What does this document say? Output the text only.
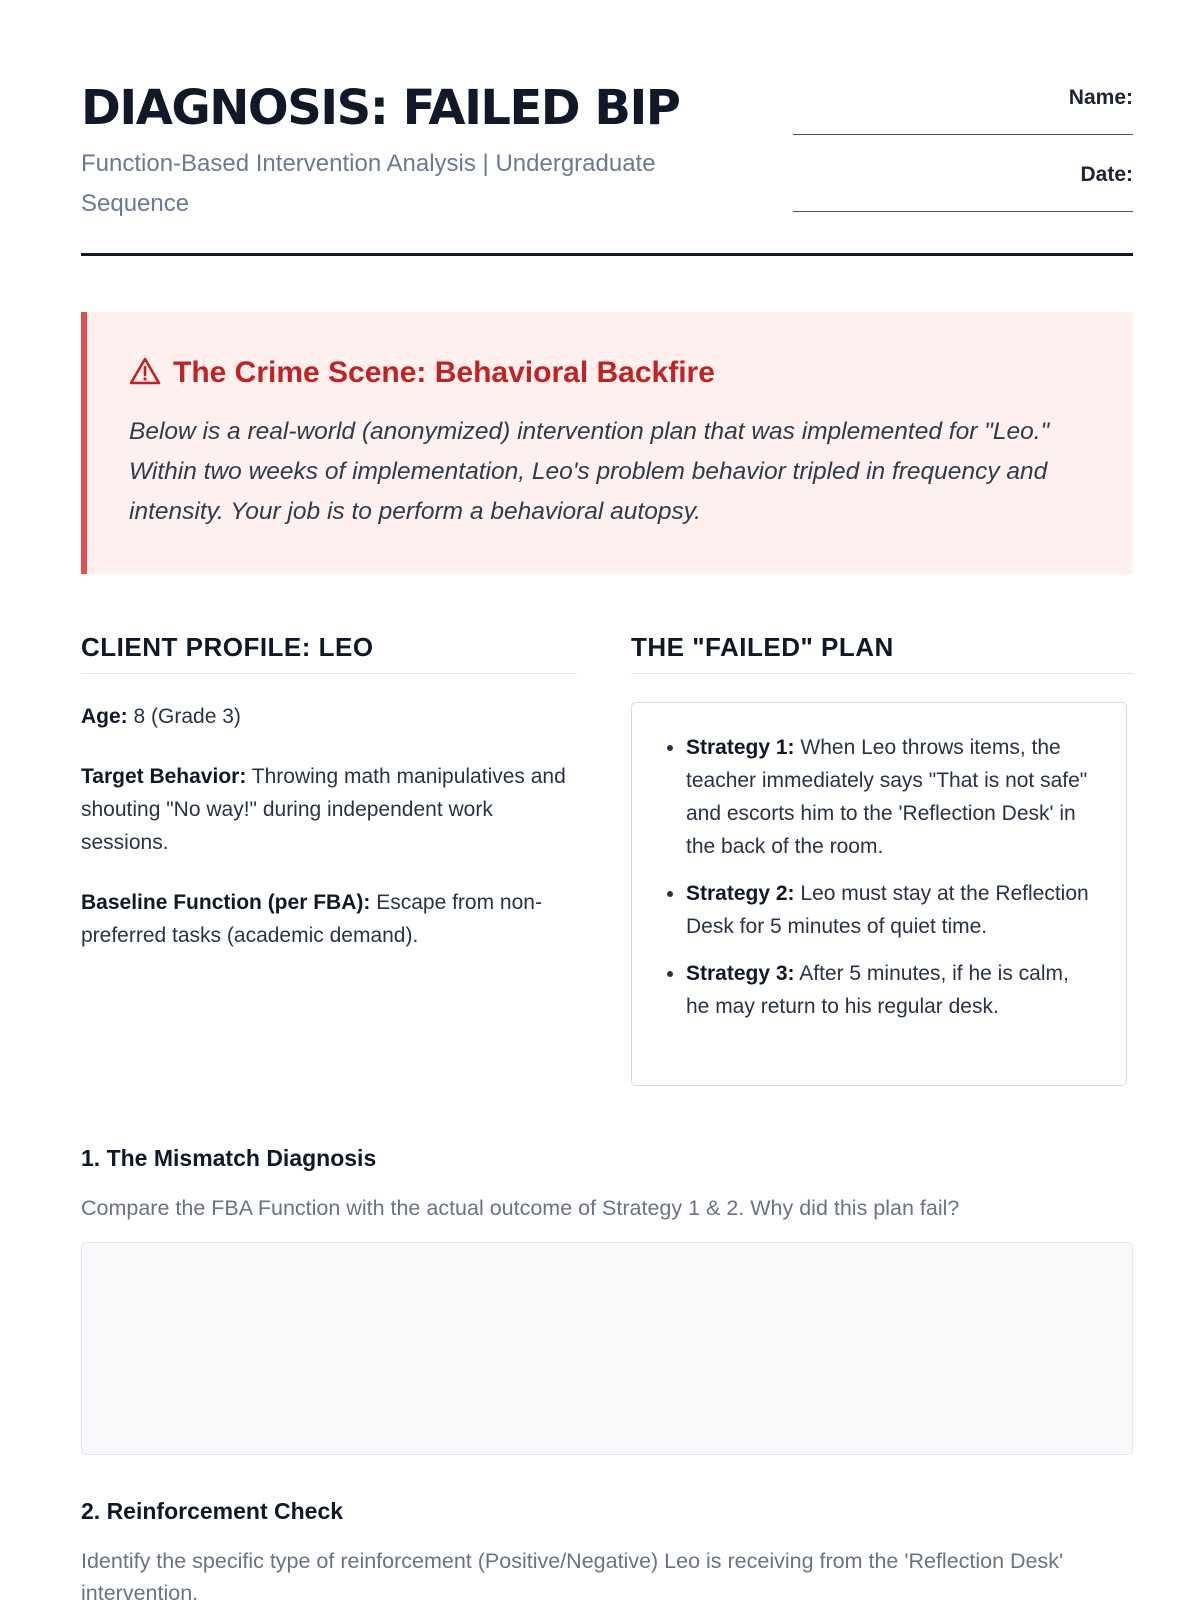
DIAGNOSIS: FAILED BIP
Function-Based Intervention Analysis | Undergraduate Sequence
Name:
Date:
The Crime Scene: Behavioral Backfire
Below is a real-world (anonymized) intervention plan that was implemented for "Leo." Within two weeks of implementation, Leo's problem behavior tripled in frequency and intensity. Your job is to perform a behavioral autopsy.
CLIENT PROFILE: LEO	THE "FAILED" PLAN

Age: 8 (Grade 3)

Target Behavior: Throwing math manipulatives and shouting "No way!" during independent work sessions.

Baseline Function (per FBA): Escape from non-preferred tasks (academic demand).

• Strategy 1: When Leo throws items, the teacher immediately says "That is not safe" and escorts him to the 'Reflection Desk' in the back of the room.
• Strategy 2: Leo must stay at the Reflection Desk for 5 minutes of quiet time.
• Strategy 3: After 5 minutes, if he is calm, he may return to his regular desk.
1. The Mismatch Diagnosis
Compare the FBA Function with the actual outcome of Strategy 1 & 2. Why did this plan fail?
2. Reinforcement Check
Identify the specific type of reinforcement (Positive/Negative) Leo is receiving from the 'Reflection Desk' intervention.
